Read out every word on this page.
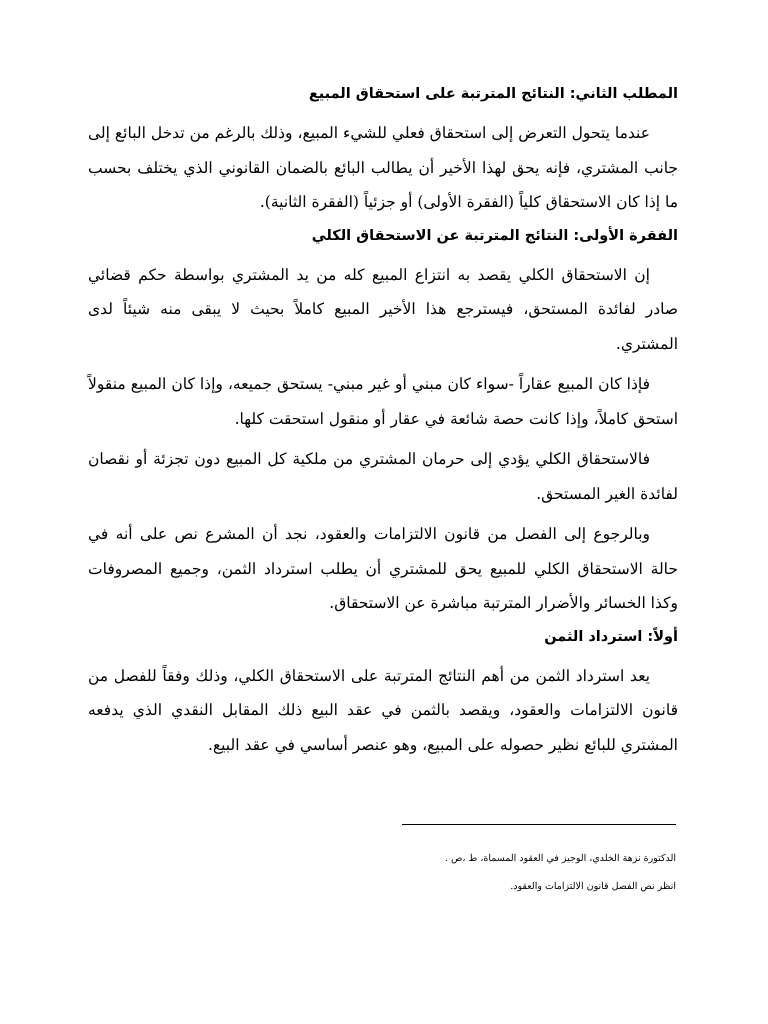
المطلب الثاني: النتائج المترتبة على استحقاق المبيع

عندما يتحول التعرض إلى استحقاق فعلي للشيء المبيع، وذلك بالرغم من تدخل البائع إلى جانب المشتري، فإنه يحق لهذا الأخير أن يطالب البائع بالضمان القانوني الذي يختلف بحسب ما إذا كان الاستحقاق كلياً (الفقرة الأولى) أو جزئياً (الفقرة الثانية).

الفقرة الأولى: النتائج المترتبة عن الاستحقاق الكلي

إن الاستحقاق الكلي يقصد به انتزاع المبيع كله من يد المشتري بواسطة حكم قضائي صادر لفائدة المستحق، فيسترجع هذا الأخير المبيع كاملاً بحيث لا يبقى منه شيئاً لدى المشتري.

فإذا كان المبيع عقاراً -سواء كان مبني أو غير مبني- يستحق جميعه، وإذا كان المبيع منقولاً استحق كاملاً، وإذا كانت حصة شائعة في عقار أو منقول استحقت كلها.

فالاستحقاق الكلي يؤدي إلى حرمان المشتري من ملكية كل المبيع دون تجزئة أو نقصان لفائدة الغير المستحق.

وبالرجوع إلى الفصل من قانون الالتزامات والعقود، نجد أن المشرع نص على أنه في حالة الاستحقاق الكلي للمبيع يحق للمشتري أن يطلب استرداد الثمن، وجميع المصروفات وكذا الخسائر والأضرار المترتبة مباشرة عن الاستحقاق.

أولاً: استرداد الثمن

يعد استرداد الثمن من أهم النتائج المترتبة على الاستحقاق الكلي، وذلك وفقاً للفصل من قانون الالتزامات والعقود، ويقصد بالثمن في عقد البيع ذلك المقابل النقدي الذي يدفعه المشتري للبائع نظير حصوله على المبيع، وهو عنصر أساسي في عقد البيع.

الدكتورة نزهة الخلدي، الوجيز في العقود المسماة، ط ،ص .
انظر نص الفصل قانون الالتزامات والعقود.
